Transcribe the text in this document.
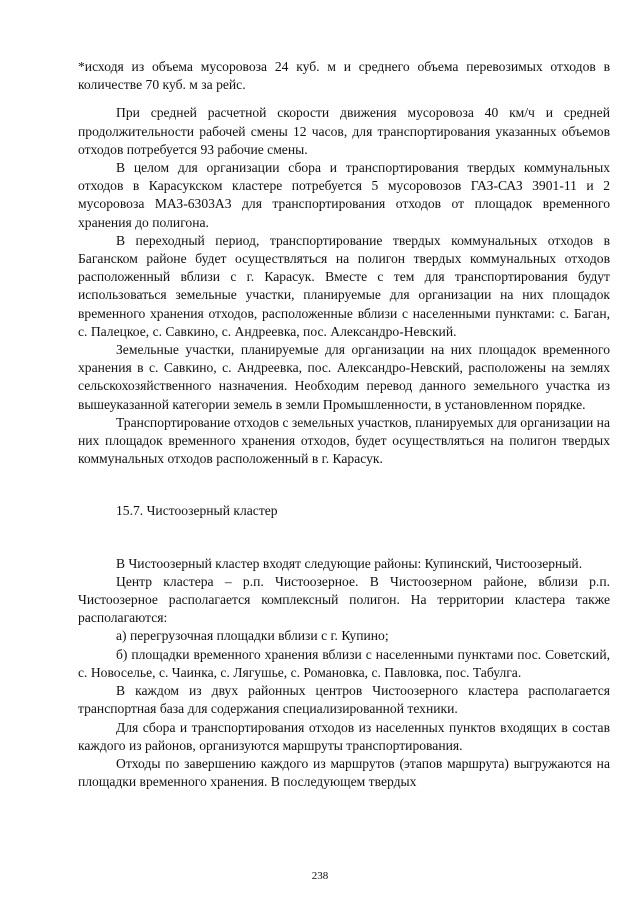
*исходя из объема мусоровоза 24 куб. м и среднего объема перевозимых отходов в количестве 70 куб. м за рейс.

При средней расчетной скорости движения мусоровоза 40 км/ч и средней продолжительности рабочей смены 12 часов, для транспортирования указанных объемов отходов потребуется 93 рабочие смены.

В целом для организации сбора и транспортирования твердых коммунальных отходов в Карасукском кластере потребуется 5 мусоровозов ГАЗ-САЗ 3901-11 и 2 мусоровоза МАЗ-6303А3 для транспортирования отходов от площадок временного хранения до полигона.

В переходный период, транспортирование твердых коммунальных отходов в Баганском районе будет осуществляться на полигон твердых коммунальных отходов расположенный вблизи с г. Карасук. Вместе с тем для транспортирования будут использоваться земельные участки, планируемые для организации на них площадок временного хранения отходов, расположенные вблизи с населенными пунктами: с. Баган, с. Палецкое, с. Савкино, с. Андреевка, пос. Александро-Невский.

Земельные участки, планируемые для организации на них площадок временного хранения в с. Савкино, с. Андреевка, пос. Александро-Невский, расположены на землях сельскохозяйственного назначения. Необходим перевод данного земельного участка из вышеуказанной категории земель в земли Промышленности, в установленном порядке.

Транспортирование отходов с земельных участков, планируемых для организации на них площадок временного хранения отходов, будет осуществляться на полигон твердых коммунальных отходов расположенный в г. Карасук.

15.7. Чистоозерный кластер

В Чистоозерный кластер входят следующие районы: Купинский, Чистоозерный.

Центр кластера – р.п. Чистоозерное. В Чистоозерном районе, вблизи р.п. Чистоозерное располагается комплексный полигон. На территории кластера также располагаются:

а) перегрузочная площадки вблизи с г. Купино;

б) площадки временного хранения вблизи с населенными пунктами пос. Советский, с. Новоселье, с. Чаинка, с. Лягушье, с. Романовка, с. Павловка, пос. Табулга.

В каждом из двух районных центров Чистоозерного кластера располагается транспортная база для содержания специализированной техники.

Для сбора и транспортирования отходов из населенных пунктов входящих в состав каждого из районов, организуются маршруты транспортирования.

Отходы по завершению каждого из маршрутов (этапов маршрута) выгружаются на площадки временного хранения. В последующем твердых

238
